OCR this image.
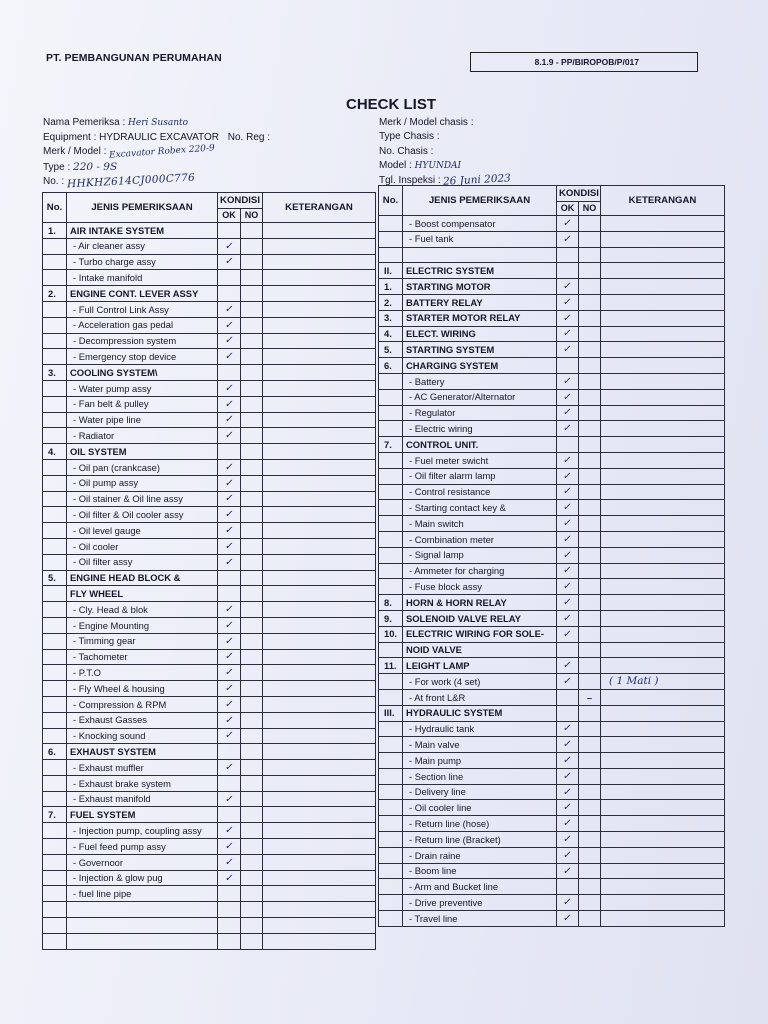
PT. PEMBANGUNAN PERUMAHAN	8.1.9 - PP/BIROPOB/P/017
CHECK LIST
Nama Pemeriksa : Heri Susanto
Equipment : HYDRAULIC EXCAVATOR No. Reg :
Merk / Model : Excavator Robex 220-9
Type : 220 - 9S
No. : HHKHZ614CJ000C776
Merk / Model chasis :
Type Chasis :
No. Chasis :
Model : HYUNDAI
Tgl. Inspeksi : 26 Juni 2023
No.	JENIS PEMERIKSAAN	KONDISI		KETERANGAN
		OK	NO	
1.	AIR INTAKE SYSTEM			
	- Air cleaner assy	✓		
	- Turbo charge assy	✓		
	- Intake manifold			
2.	ENGINE CONT. LEVER ASSY			
	- Full Control Link Assy	✓		
	- Acceleration gas pedal	✓		
	- Decompression system	✓		
	- Emergency stop device	✓		
3.	COOLING SYSTEM\			
	- Water pump assy	✓		
	- Fan belt & pulley	✓		
	- Water pipe line	✓		
	- Radiator	✓		
4.	OIL SYSTEM			
	- Oil pan (crankcase)	✓		
	- Oil pump assy	✓		
	- Oil stainer & Oil line assy	✓		
	- Oil filter & Oil cooler assy	✓		
	- Oil level gauge	✓		
	- Oil cooler	✓		
	- Oil filter assy	✓		
5.	ENGINE HEAD BLOCK &			
	FLY WHEEL			
	- Cly. Head & blok	✓		
	- Engine Mounting	✓		
	- Timming gear	✓		
	- Tachometer	✓		
	- P.T.O	✓		
	- Fly Wheel & housing	✓		
	- Compression & RPM	✓		
	- Exhaust Gasses	✓		
	- Knocking sound	✓		
6.	EXHAUST SYSTEM			
	- Exhaust muffler	✓		
	- Exhaust brake system			
	- Exhaust manifold	✓		
7.	FUEL SYSTEM			
	- Injection pump, coupling assy	✓		
	- Fuel feed pump assy	✓		
	- Governoor	✓		
	- Injection & glow pug	✓		
	- fuel line pipe			

No.	JENIS PEMERIKSAAN	KONDISI		KETERANGAN
		OK	NO	
	- Boost compensator	✓		
	- Fuel tank	✓		

II.	ELECTRIC SYSTEM			
1.	STARTING MOTOR	✓		
2.	BATTERY RELAY	✓		
3.	STARTER MOTOR RELAY	✓		
4.	ELECT. WIRING	✓		
5.	STARTING SYSTEM	✓		
6.	CHARGING SYSTEM			
	- Battery	✓		
	- AC Generator/Alternator	✓		
	- Regulator	✓		
	- Electric wiring	✓		
7.	CONTROL UNIT.			
	- Fuel meter swicht	✓		
	- Oil filter alarm lamp	✓		
	- Control resistance	✓		
	- Starting contact key &	✓		
	- Main switch	✓		
	- Combination meter	✓		
	- Signal lamp	✓		
	- Ammeter for charging	✓		
	- Fuse block assy	✓		
8.	HORN & HORN RELAY	✓		
9.	SOLENOID VALVE RELAY	✓		
10.	ELECTRIC WIRING FOR SOLE-	✓		
	NOID VALVE			
11.	LEIGHT LAMP	✓		
	- For work (4 set)	✓		( 1 Mati )
	- At front L&R		–	
III.	HYDRAULIC SYSTEM			
	- Hydraulic tank	✓		
	- Main valve	✓		
	- Main pump	✓		
	- Section line	✓		
	- Delivery line	✓		
	- Oil cooler line	✓		
	- Return line (hose)	✓		
	- Return line (Bracket)	✓		
	- Drain raine	✓		
	- Boom line	✓		
	- Arm and Bucket line			
	- Drive preventive	✓		
	- Travel line	✓		
